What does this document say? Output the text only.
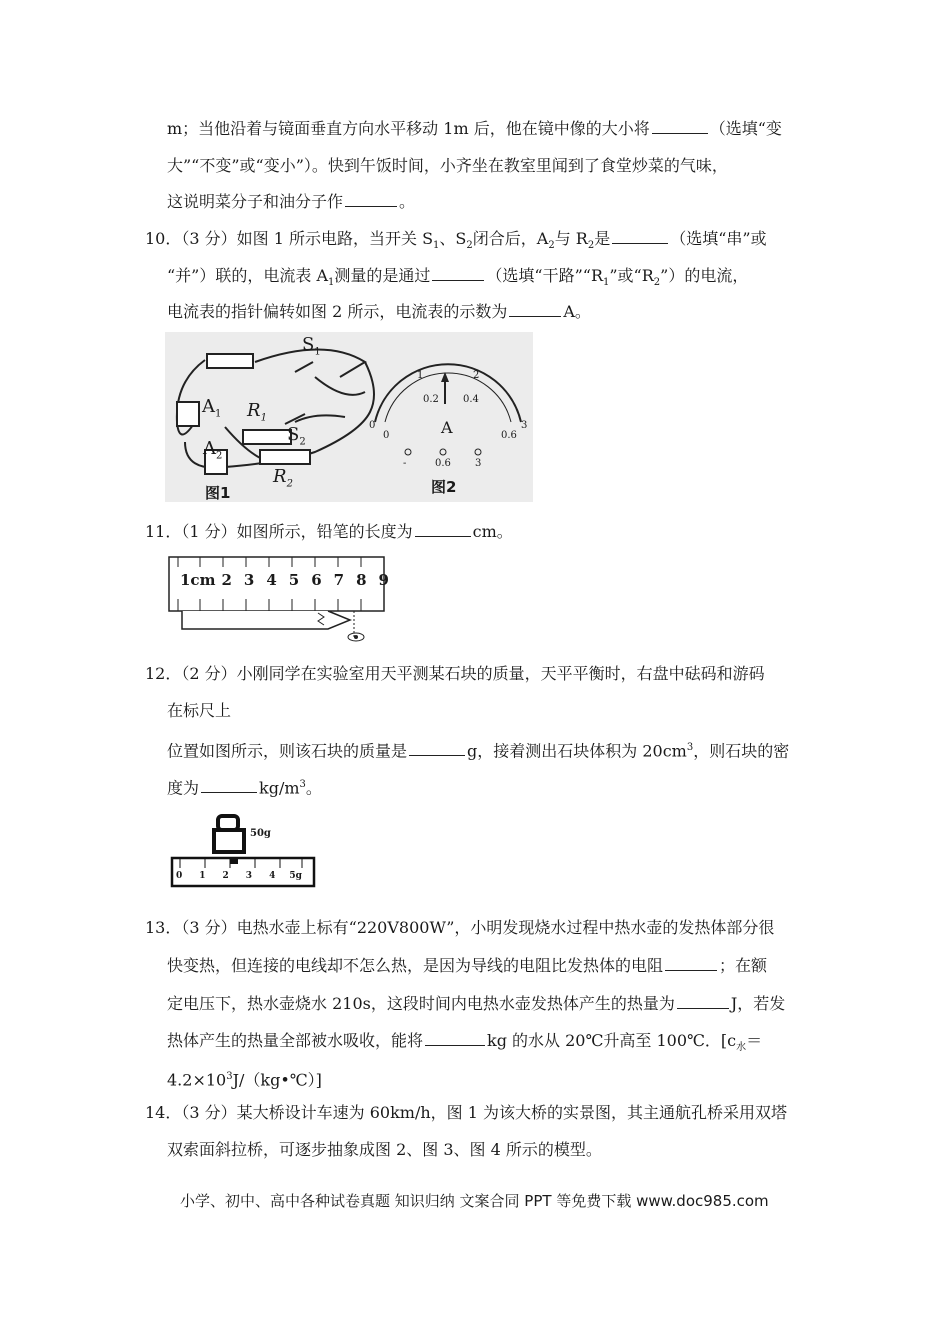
m；当他沿着与镜面垂直方向水平移动 1m 后，他在镜中像的大小将	（选填“变
大”“不变”或“变小”）。快到午饭时间，小齐坐在教室里闻到了食堂炒菜的气味，
这说明菜分子和油分子作	。
10．（3 分）如图 1 所示电路，当开关 $S_1$、$S_2$闭合后，$A_2$与 $R_2$是	（选填“串”或
“并”）联的，电流表 $A_1$测量的是通过	（选填“干路$”“R_1$”或“$R_2$”）的电流，
电流表的指针偏转如图 2 所示，电流表的示数为	A。
$S_1$
$A_1$ $R_1$
$S_2$
$A_2$
$R_2$
图1
0
1	2
3
0
0.2 0.4
0.6
A
-	0.6 3
图2
11．（1 分）如图所示，铅笔的长度为	cm。
1cm 2 3 4 5 6 7 8 9
12．（2 分）小刚同学在实验室用天平测某石块的质量，天平平衡时，右盘中砝码和游码
在标尺上
位置如图所示，则该石块的质量是	g，接着测出石块体积为 $20cm^3$，则石块的密
度为	$kg/m^3$。
50g
0 1 2 3 4 5g
13．（3 分）电热水壶上标有“220V800W”，小明发现烧水过程中热水壶的发热体部分很
快变热，但连接的电线却不怎么热，是因为导线的电阻比发热体的电阻	；在额
定电压下，热水壶烧水 210s，这段时间内电热水壶发热体产生的热量为	J，若发
热体产生的热量全部被水吸收，能将	kg 的水从 20℃升高至 100℃．[$c_水=$
$4.2\times 10^3J/(kg•℃)$]
14．（3 分）某大桥设计车速为 60km/h，图 1 为该大桥的实景图，其主通航孔桥采用双塔
双索面斜拉桥，可逐步抽象成图 2、图 3、图 4 所示的模型。
小学、初中、高中各种试卷真题 知识归纳 文案合同 PPT 等免费下载 www.doc985.com
